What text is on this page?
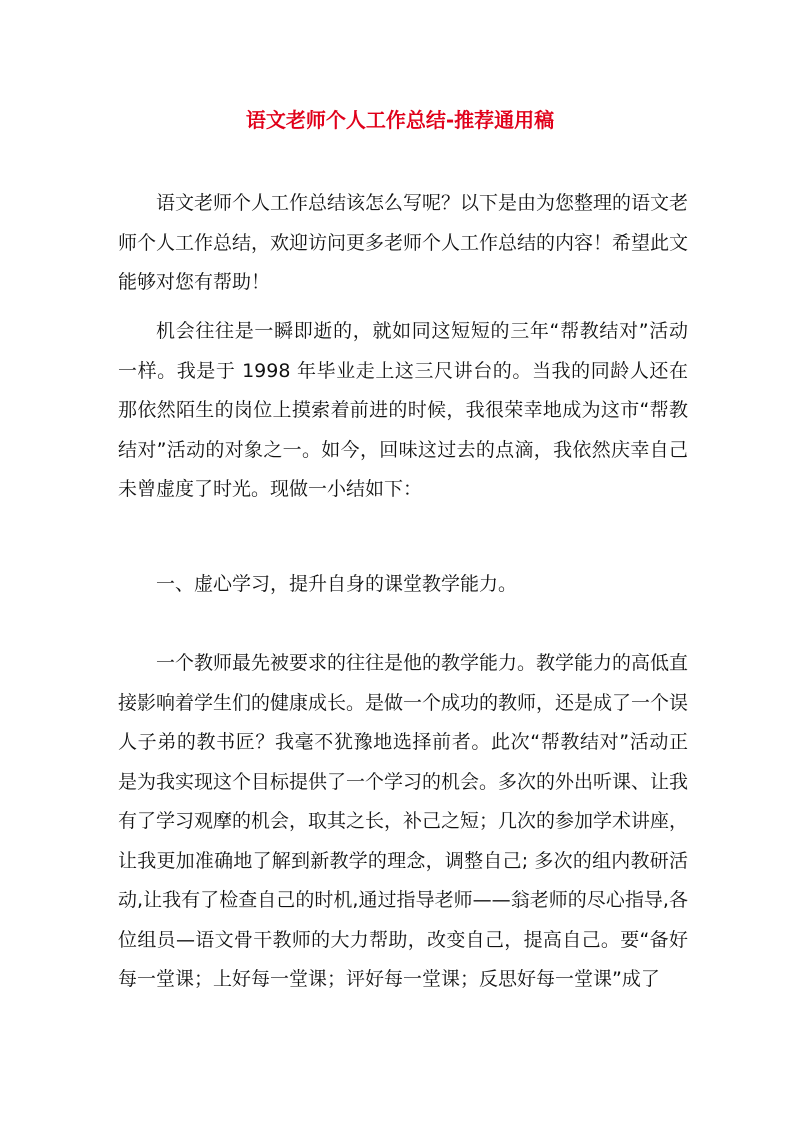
语文老师个人工作总结-推荐通用稿

语文老师个人工作总结该怎么写呢？以下是由为您整理的语文老师个人工作总结，欢迎访问更多老师个人工作总结的内容！希望此文能够对您有帮助！

机会往往是一瞬即逝的，就如同这短短的三年“帮教结对”活动一样。我是于 1998 年毕业走上这三尺讲台的。当我的同龄人还在那依然陌生的岗位上摸索着前进的时候，我很荣幸地成为这市“帮教结对”活动的对象之一。如今，回味这过去的点滴，我依然庆幸自己未曾虚度了时光。现做一小结如下：

一、虚心学习，提升自身的课堂教学能力。

一个教师最先被要求的往往是他的教学能力。教学能力的高低直接影响着学生们的健康成长。是做一个成功的教师，还是成了一个误人子弟的教书匠？我毫不犹豫地选择前者。此次“帮教结对”活动正是为我实现这个目标提供了一个学习的机会。多次的外出听课、让我有了学习观摩的机会，取其之长，补己之短；几次的参加学术讲座，让我更加准确地了解到新教学的理念，调整自己; 多次的组内教研活动,让我有了检查自己的时机,通过指导老师——翁老师的尽心指导,各位组员—语文骨干教师的大力帮助，改变自己，提高自己。要“备好每一堂课；上好每一堂课；评好每一堂课；反思好每一堂课”成了
